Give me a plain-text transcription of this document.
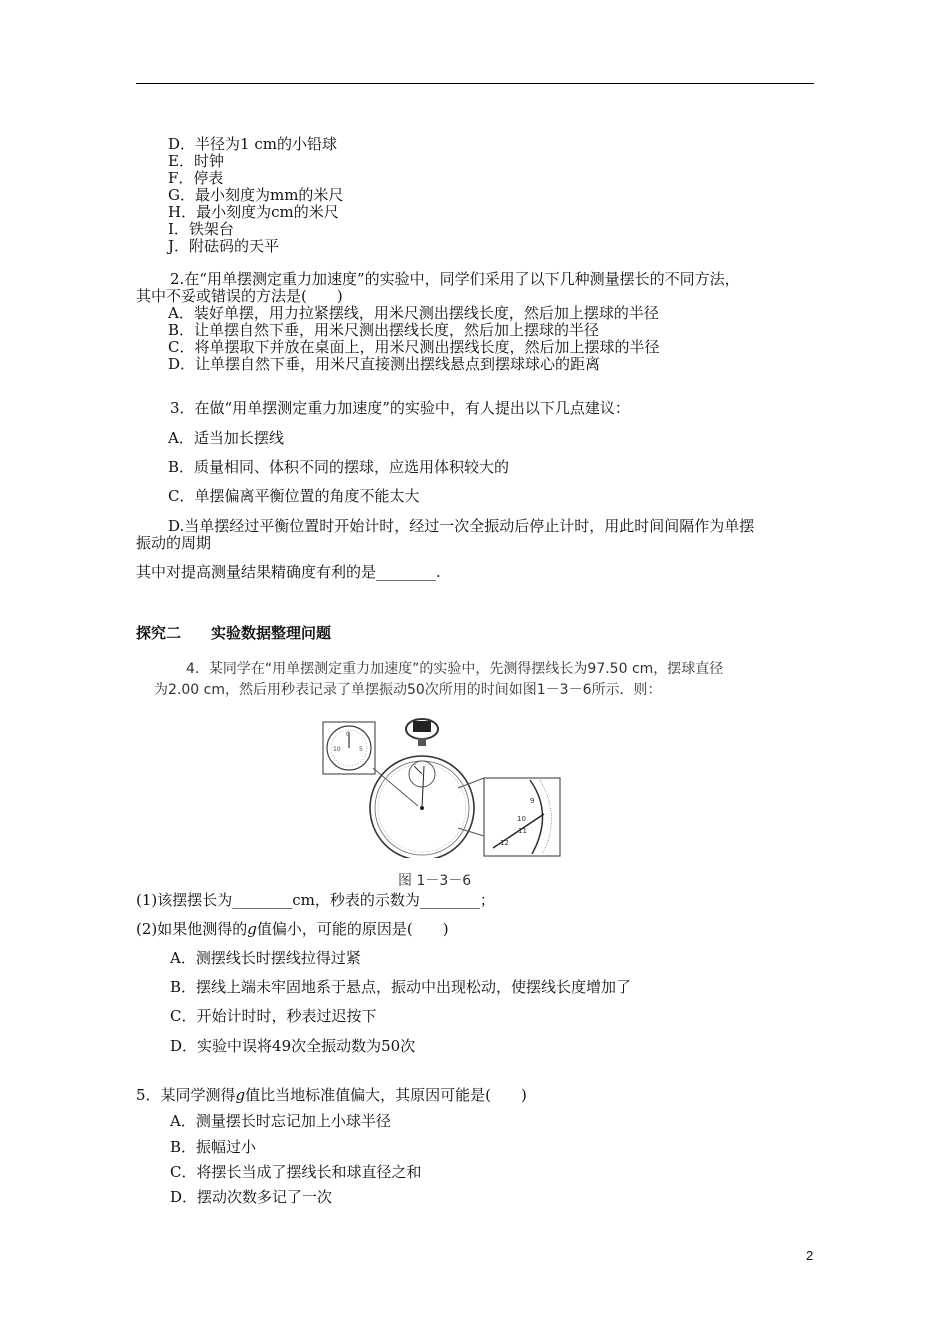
D．半径为1 cm的小铅球
E．时钟
F．停表
G．最小刻度为mm的米尺
H．最小刻度为cm的米尺
I．铁架台
J．附砝码的天平
2.在“用单摆测定重力加速度”的实验中，同学们采用了以下几种测量摆长的不同方法，
其中不妥或错误的方法是(　　)
A．装好单摆，用力拉紧摆线，用米尺测出摆线长度，然后加上摆球的半径
B．让单摆自然下垂，用米尺测出摆线长度，然后加上摆球的半径
C．将单摆取下并放在桌面上，用米尺测出摆线长度，然后加上摆球的半径
D．让单摆自然下垂，用米尺直接测出摆线悬点到摆球球心的距离
3．在做“用单摆测定重力加速度”的实验中，有人提出以下几点建议：
A．适当加长摆线
B．质量相同、体积不同的摆球，应选用体积较大的
C．单摆偏离平衡位置的角度不能太大
D.当单摆经过平衡位置时开始计时，经过一次全振动后停止计时，用此时间间隔作为单摆
振动的周期
其中对提高测量结果精确度有利的是________.
探究二 实验数据整理问题
4．某同学在“用单摆测定重力加速度”的实验中，先测得摆线长为97.50 cm，摆球直径
为2.00 cm，然后用秒表记录了单摆振动50次所用的时间如图1－3－6所示．则：
0
10	5
9
10
11
12
图 1－3－6
(1)该摆摆长为________cm，秒表的示数为________；
(2)如果他测得的g值偏小，可能的原因是(　　)
A．测摆线长时摆线拉得过紧
B．摆线上端未牢固地系于悬点，振动中出现松动，使摆线长度增加了
C．开始计时时，秒表过迟按下
D．实验中误将49次全振动数为50次
5．某同学测得g值比当地标准值偏大，其原因可能是(　　)
A．测量摆长时忘记加上小球半径
B．振幅过小
C．将摆长当成了摆线长和球直径之和
D．摆动次数多记了一次
2
